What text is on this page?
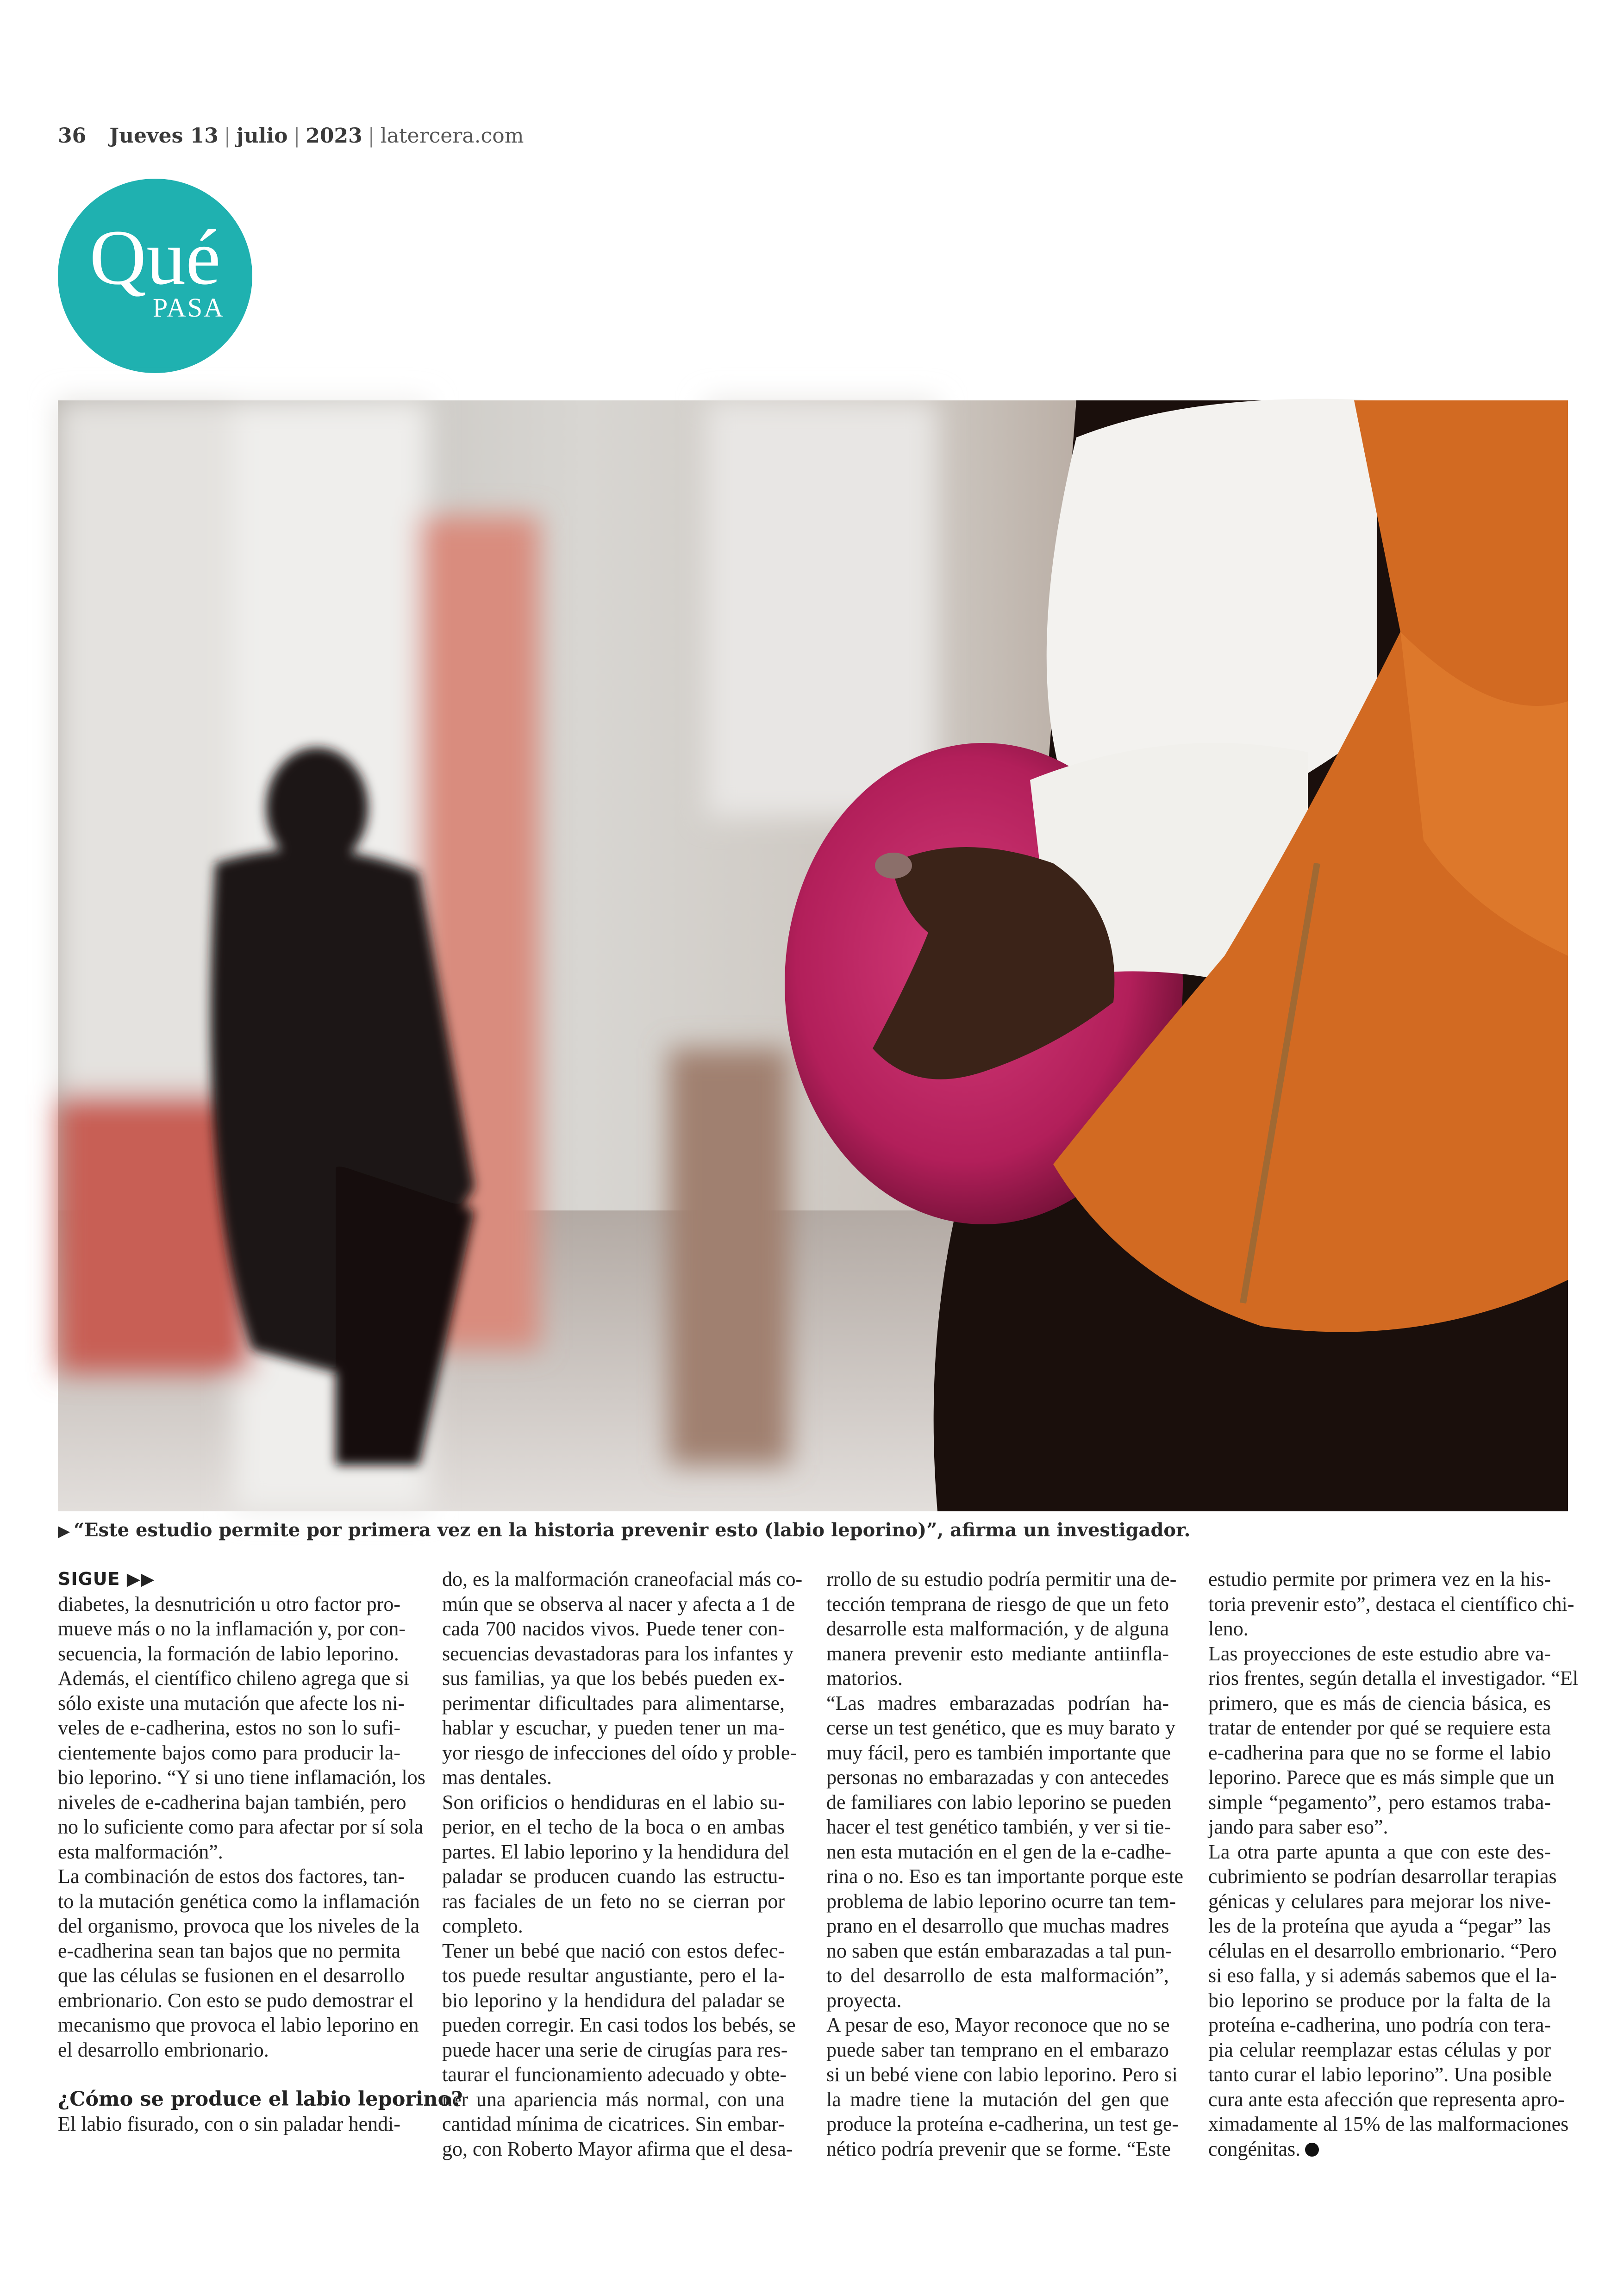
36 Jueves 13 | julio | 2023 | latercera.com
Qué
PASA
▶ “Este estudio permite por primera vez en la historia prevenir esto (labio leporino)”, afirma un investigador.
SIGUE ▶▶
diabetes, la desnutrición u otro factor pro-
mueve más o no la inflamación y, por con-
secuencia, la formación de labio leporino.
Además, el científico chileno agrega que si
sólo existe una mutación que afecte los ni-
veles de e-cadherina, estos no son lo sufi-
cientemente bajos como para producir la-
bio leporino. “Y si uno tiene inflamación, los
niveles de e-cadherina bajan también, pero
no lo suficiente como para afectar por sí sola
esta malformación”.
La combinación de estos dos factores, tan-
to la mutación genética como la inflamación
del organismo, provoca que los niveles de la
e-cadherina sean tan bajos que no permita
que las células se fusionen en el desarrollo
embrionario. Con esto se pudo demostrar el
mecanismo que provoca el labio leporino en
el desarrollo embrionario.
¿Cómo se produce el labio leporino?
El labio fisurado, con o sin paladar hendi-
do, es la malformación craneofacial más co-
mún que se observa al nacer y afecta a 1 de
cada 700 nacidos vivos. Puede tener con-
secuencias devastadoras para los infantes y
sus familias, ya que los bebés pueden ex-
perimentar dificultades para alimentarse,
hablar y escuchar, y pueden tener un ma-
yor riesgo de infecciones del oído y proble-
mas dentales.
Son orificios o hendiduras en el labio su-
perior, en el techo de la boca o en ambas
partes. El labio leporino y la hendidura del
paladar se producen cuando las estructu-
ras faciales de un feto no se cierran por
completo.
Tener un bebé que nació con estos defec-
tos puede resultar angustiante, pero el la-
bio leporino y la hendidura del paladar se
pueden corregir. En casi todos los bebés, se
puede hacer una serie de cirugías para res-
taurar el funcionamiento adecuado y obte-
ner una apariencia más normal, con una
cantidad mínima de cicatrices. Sin embar-
go, con Roberto Mayor afirma que el desa-
rrollo de su estudio podría permitir una de-
tección temprana de riesgo de que un feto
desarrolle esta malformación, y de alguna
manera prevenir esto mediante antiinfla-
matorios.
“Las madres embarazadas podrían ha-
cerse un test genético, que es muy barato y
muy fácil, pero es también importante que
personas no embarazadas y con antecedes
de familiares con labio leporino se pueden
hacer el test genético también, y ver si tie-
nen esta mutación en el gen de la e-cadhe-
rina o no. Eso es tan importante porque este
problema de labio leporino ocurre tan tem-
prano en el desarrollo que muchas madres
no saben que están embarazadas a tal pun-
to del desarrollo de esta malformación”,
proyecta.
A pesar de eso, Mayor reconoce que no se
puede saber tan temprano en el embarazo
si un bebé viene con labio leporino. Pero si
la madre tiene la mutación del gen que
produce la proteína e-cadherina, un test ge-
nético podría prevenir que se forme. “Este
estudio permite por primera vez en la his-
toria prevenir esto”, destaca el científico chi-
leno.
Las proyecciones de este estudio abre va-
rios frentes, según detalla el investigador. “El
primero, que es más de ciencia básica, es
tratar de entender por qué se requiere esta
e-cadherina para que no se forme el labio
leporino. Parece que es más simple que un
simple “pegamento”, pero estamos traba-
jando para saber eso”.
La otra parte apunta a que con este des-
cubrimiento se podrían desarrollar terapias
génicas y celulares para mejorar los nive-
les de la proteína que ayuda a “pegar” las
células en el desarrollo embrionario. “Pero
si eso falla, y si además sabemos que el la-
bio leporino se produce por la falta de la
proteína e-cadherina, uno podría con tera-
pia celular reemplazar estas células y por
tanto curar el labio leporino”. Una posible
cura ante esta afección que representa apro-
ximadamente al 15% de las malformaciones
congénitas.
